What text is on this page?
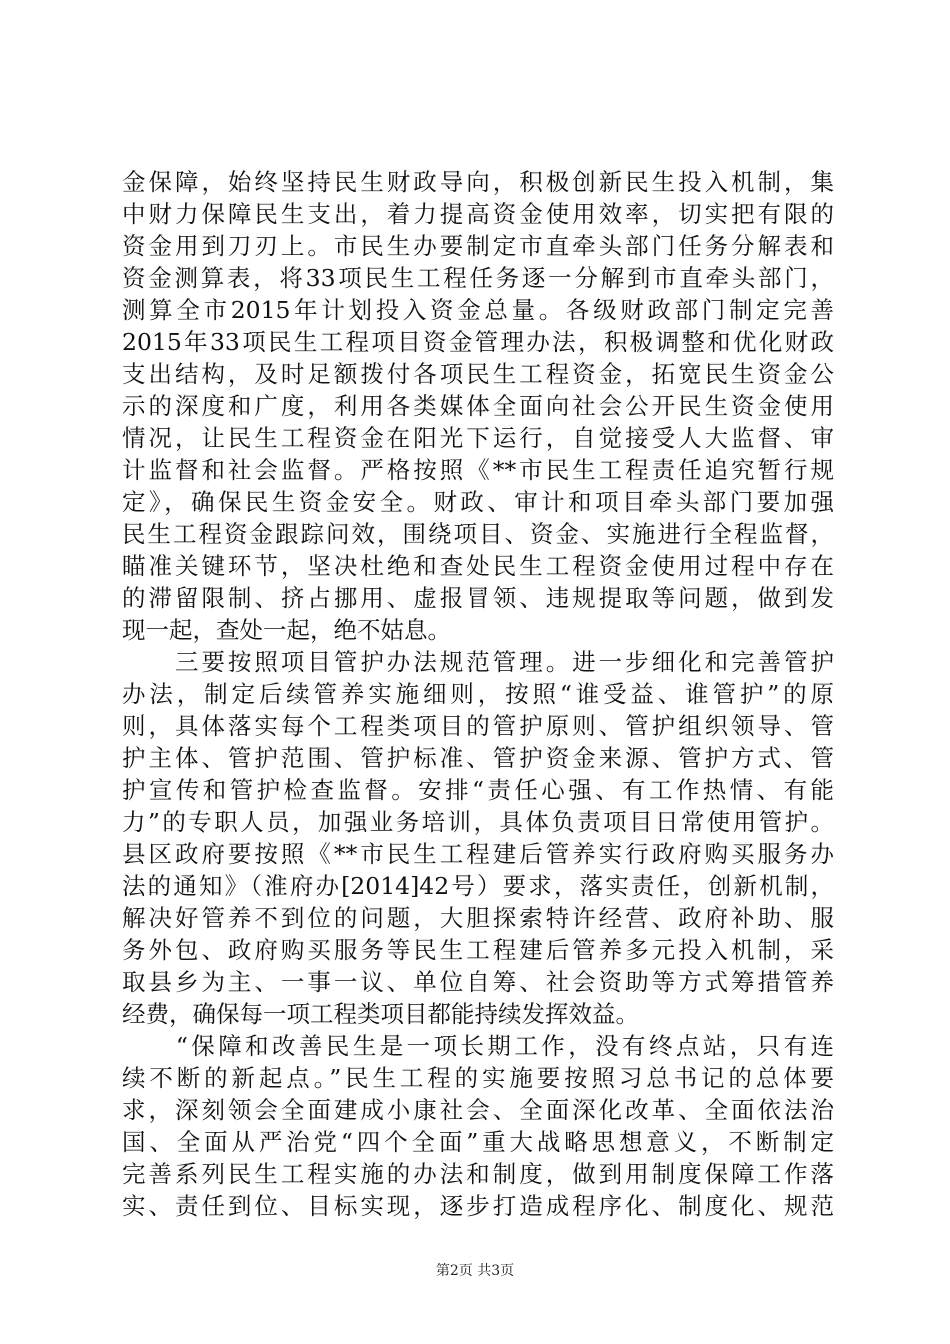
金保障，始终坚持民生财政导向，积极创新民生投入机制，集
中财力保障民生支出，着力提高资金使用效率，切实把有限的
资金用到刀刃上。市民生办要制定市直牵头部门任务分解表和
资金测算表，将33项民生工程任务逐一分解到市直牵头部门，
测算全市2015年计划投入资金总量。各级财政部门制定完善
2015年33项民生工程项目资金管理办法，积极调整和优化财政
支出结构，及时足额拨付各项民生工程资金，拓宽民生资金公
示的深度和广度，利用各类媒体全面向社会公开民生资金使用
情况，让民生工程资金在阳光下运行，自觉接受人大监督、审
计监督和社会监督。严格按照《**市民生工程责任追究暂行规
定》，确保民生资金安全。财政、审计和项目牵头部门要加强
民生工程资金跟踪问效，围绕项目、资金、实施进行全程监督，
瞄准关键环节，坚决杜绝和查处民生工程资金使用过程中存在
的滞留限制、挤占挪用、虚报冒领、违规提取等问题，做到发
现一起，查处一起，绝不姑息。
　　三要按照项目管护办法规范管理。进一步细化和完善管护
办法，制定后续管养实施细则，按照“谁受益、谁管护”的原
则，具体落实每个工程类项目的管护原则、管护组织领导、管
护主体、管护范围、管护标准、管护资金来源、管护方式、管
护宣传和管护检查监督。安排“责任心强、有工作热情、有能
力”的专职人员，加强业务培训，具体负责项目日常使用管护。
县区政府要按照《**市民生工程建后管养实行政府购买服务办
法的通知》（淮府办[2014]42号）要求，落实责任，创新机制，
解决好管养不到位的问题，大胆探索特许经营、政府补助、服
务外包、政府购买服务等民生工程建后管养多元投入机制，采
取县乡为主、一事一议、单位自筹、社会资助等方式筹措管养
经费，确保每一项工程类项目都能持续发挥效益。
　　“保障和改善民生是一项长期工作，没有终点站，只有连
续不断的新起点。”民生工程的实施要按照习总书记的总体要
求，深刻领会全面建成小康社会、全面深化改革、全面依法治
国、全面从严治党“四个全面”重大战略思想意义，不断制定
完善系列民生工程实施的办法和制度，做到用制度保障工作落
实、责任到位、目标实现，逐步打造成程序化、制度化、规范
第2页 共3页
